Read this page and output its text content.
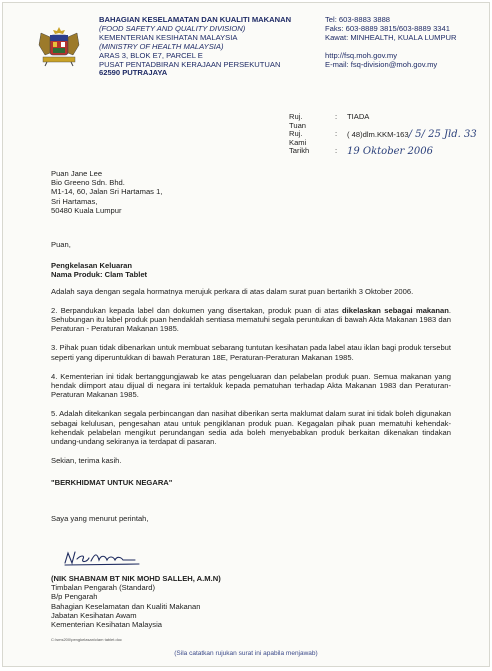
BAHAGIAN KESELAMATAN DAN KUALITI MAKANAN
(FOOD SAFETY AND QUALITY DIVISION)
KEMENTERIAN KESIHATAN MALAYSIA
(MINISTRY OF HEALTH MALAYSIA)
ARAS 3, BLOK E7, PARCEL E
PUSAT PENTADBIRAN KERAJAAN PERSEKUTUAN
62590 PUTRAJAYA
Tel: 603-8883 3888
Faks: 603-8889 3815/603-8889 3341
Kawat: MINHEALTH, KUALA LUMPUR
http://fsq.moh.gov.my
E-mail: fsq-division@moh.gov.my
Ruj. Tuan
: TIADA
Ruj. Kami
: ( 48)dlm.KKM-163/ 5/ 25 Jld. 33
Tarikh	: 19 Oktober 2006
Puan Jane Lee
Bio Greeno Sdn. Bhd.
M1-14, 60, Jalan Sri Hartamas 1,
Sri Hartamas,
50480 Kuala Lumpur

Puan,

Pengkelasan Keluaran

Nama Produk: Clam Tablet

Adalah saya dengan segala hormatnya merujuk perkara di atas dalam surat puan bertarikh 3 Oktober 2006.

2. Berpandukan kepada label dan dokumen yang disertakan, produk puan di atas dikelaskan sebagai makanan. Sehubungan itu label produk puan hendaklah sentiasa mematuhi segala peruntukan di bawah Akta Makanan 1983 dan Peraturan - Peraturan Makanan 1985.

3. Pihak puan tidak dibenarkan untuk membuat sebarang tuntutan kesihatan pada label atau iklan bagi produk tersebut seperti yang diperuntukkan di bawah Peraturan 18E, Peraturan-Peraturan Makanan 1985.

4. Kementerian ini tidak bertanggungjawab ke atas pengeluaran dan pelabelan produk puan. Semua makanan yang hendak diimport atau dijual di negara ini tertakluk kepada pematuhan terhadap Akta Makanan 1983 dan Peraturan-Peraturan Makanan 1985.

5. Adalah ditekankan segala perbincangan dan nasihat diberikan serta maklumat dalam surat ini tidak boleh digunakan sebagai kelulusan, pengesahan atau untuk pengiklanan produk puan. Kegagalan pihak puan mematuhi kehendak-kehendak pelabelan mengikut perundangan sedia ada boleh menyebabkan produk berkaitan dikenakan tindakan undang-undang sekiranya ia terdapat di pasaran.

Sekian, terima kasih.

"BERKHIDMAT UNTUK NEGARA"

Saya yang menurut perintah,

(NIK SHABNAM BT NIK MOHD SALLEH, A.M.N)
Timbalan Pengarah (Standard)
B/p Pengarah
Bahagian Keselamatan dan Kualiti Makanan
Jabatan Kesihatan Awam
Kementerian Kesihatan Malaysia
C:\sms200\pengkelasan\clam tablet.doc
(Sila catatkan rujukan surat ini apabila menjawab)
